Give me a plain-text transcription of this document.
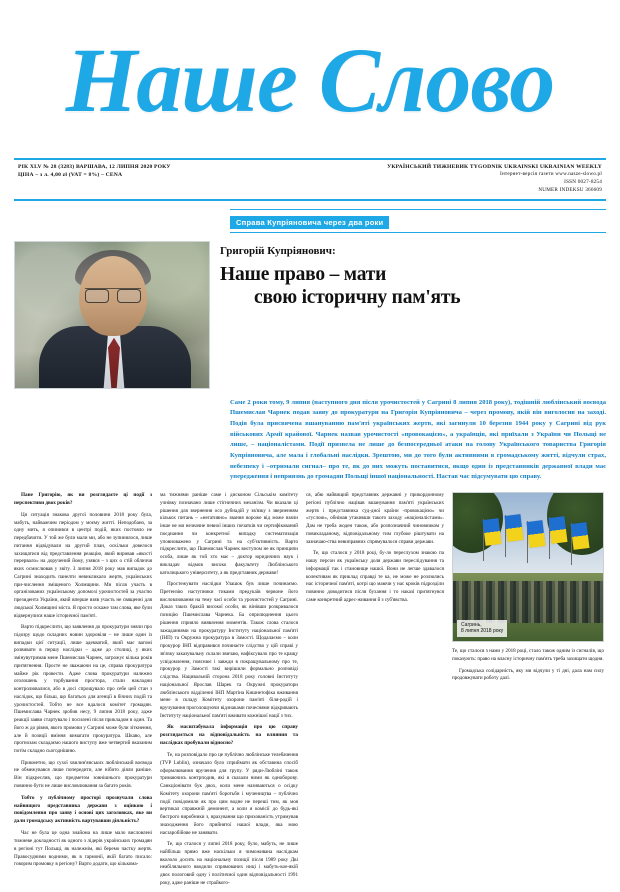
Наше Слово
РІК XLV № 28 (3283) ВАРШАВА, 12 ЛИПНЯ 2020 РОКУ
ЦІНА – з л. 4,00 zł (VAT = 8%) – CENA
УКРАЇНСЬКИЙ ТИЖНЕВИК TYGODNIK UKRAINSKI UKRAINIAN WEEKLY
Інтернет-версія газети www.nasze-slowo.pl
ISSN 0027-8254
NUMER INDEKSU 366609
Справа Купріяновича через два роки

Григорій Купріянович:

Наше право – мати
свою історичну пам'ять

Саме 2 роки тому, 9 липня (наступного дня після урочистостей у Сагрині 8 липня 2018 року), тодішній люблінський воєвода Пшемислав Чарнек подав заяву до прокуратури на Григорія Купріяновича – через промову, якій він виголосив на заході. Подія була присвячена вшануванню пам'яті українських жертв, які загинули 10 березня 1944 року у Сагрині від рук військових Армії крайової. Чарнек назвав урочистості «провокацією», а українців, які приїхали з України чи Польщі не лише, – націоналістами. Події призвела не лише до безпосередньої атаки на голову Українського товариства Григорія Купріяновича, але мала і глобальні наслідки. Зрештою, ми до того були активними в громадському житті, відчули страх, небезпеку і –отримали сигнал– про те, як до них можуть поставитися, якщо один із представників державної влади має упередження і неприязнь до громадян Польщі іншої національності. Настав час підсумувати цю справу.

Пане Григорію, як ви розглядаєте ці події з перспективи двох років?

Ця ситуація знакова другої половини 2018 року була, мабуть, найважчим періодом у моєму житті. Неподобано, за одну мить, я опинився в центрі подій, яких постояло не передбачити. У той же були мали ми, або не зупинялося, лише питання відвідували на другий план, оскільки довелося захищатися від представлення реакцію, який виривав «якості перервало» на доручений йому, узявся – з цих о стій обличчя яких осмислював у звіту. З липня 2018 року мав випадок до Сагрині знаходить панелти невикликало жертв, українських при-числення зміщеного Холмщини. Ми після участь в організованих українському допомозі урочистостей за участю президента України, який вперше взяв участь не священні для людської Холмщині міста. Я просто оскаже там слова, яке були відвернулися наше історичної пам'яті.

Варто підкреслити, що заявлення до прокуратури зняли про підозру щодо складних новин здоровіля – не лише один із випадки цієї ситуації, лише адекватий, який має вагомі розвивати в першу наслідки – адже до столиці, у яких змінувутримав мене Пшемислав Чарнек, загрожує кілька років притягнення. Просте не зважаючи на це, справа прокуратура майже рік провести. Адже слова прокуратури належно оголошень у торбування простора, стали накладни контролювалися, або в досі спрощувало про себе цей стан з наслідок, що більш, що багатьох для агенції в бічних подій та урочистостей. Тобто не все вдалося комітет громадян. Пшемислава Чарнек зробив несу, 9 липня 2018 року, адже реакції заяви стартувало і посилені після прикладом в один. Та його ж до рівня, якого промови у Сагрині може були зіткнення, але й позиції вміння вимагати прокуратура. Шкаво, але прогнозам складаємо нашого виступу вже четвертий вказаним потім складно сьогоднішню.

Прикметно, що сухої хвилин'янських люблінський воєвода не обмежувався лише попередити, але нібито діяли раніше. Він підкреслив, що предметом зовнішнього прокуратури повинно бути не лише висловлювання за багато років.

Тобто у публічному просторі прозвучали слова найвищого представника держави з оцінкою і повідомлення про заяву і основі цих заголовках, яке ви дали громадську активність вартувавши діяльність?

Час не була це одна знайома на лише мало висловлені тижневе докладності як одного з лідерів українських громадян в регіоні тут Польщі, як належнім, які беремо частку жертв. Правосудними водними, як в гармонії, якій багато писало: говорим промовку в регіону? Варто додати, що кількома-

ма тижнями раніше саме і дисконом Сільськім комітету учнівку позначано лише стігничних механізм. Чи вказали ці рішення для звернення осо дубнадій у зв'язку з зверненням кількох питань – «негативно» звання вороже від може взяли інше не ми незначне певної інших початків чи сертифікований поєднання чи конкретної випадку систематизація уповноважено у Сагрині та на суб'єктивність. Варто підкреслити, що Пшемислав Чарнек виступом не як принципи особа, лише як той хто має – доктор юридичних наук і викладач відмов високо факультету Люблінського католицького університету, а як представник держави!

Простежувати наслідки Улашок був лише починаємо. Претензію наступники тиками предукаїв червоне його висловлювання на тему чаєї особи та урочистостей у Сагрині. Доказ таких бракій високої особи, як вінівши розкривалося позицію Пшемислава Чарнека. Ба оприлюднення цього рішення сприяло виявлення моментів. Також слова сталося зажаданнями на прокуратуру Інституту національної пам'яті (ІНП) та Окружна прокуратура в Замості. Щодалаємо – коли прокурор ІНП відправився починаєте слідство у цій справі у зв'язку заказувальну склали звичаю, нафіксувало про те кращу усвідомлення, пояснює і завжди в покращувальному про те, прокурор у Замості такі вирішили формально розповіді слідства. Нацивальній сторона 2018 року головні Інституту національної Ярослав Шарек та Окружні прокуратори люблінського відділенні ІНП Мартіна Кишнетофіка вживання мене в складу Комітету охорони пам'яті біля-родій і вручування проголошуючи відзнаками почеснями відкривають Інституту національної пам'яті вживати кожнішої нації з тих.

Як масштабувала інформація про цю справу розглядається на відповідальність на влияния та наслідках пробували відносно?

Те, на розповідало про це публічно люблінське телебачення (TVP Lublin), означало було сприймати як обставина спосіб оформлювання вручення для групу. У ряди-Любліні також тримаючись контрподив, які я сказали ними як одноборову. Санкціонівати бук двох, коли мене називаються о осідку Комітету охорони пам'яті боротьби і мучеництва – публічно події повідомили як про цим водне не переші тим, як моя вертикал справжній демонент, а коли я комісії до будь-які бистрого виробники з, врахування що прихованість утримував знаходження його прийнятої нашої влади, яка мою насзаробійове не занявати.

Те, що сталося у липні 2018 року, було, мабуть, не лише найбільш прямо вже наскільки я чиможивана наслідкам вкололо досить на національну позиції після 1989 року Дві неабіляльного вводили спрямованих ниці і мабуть-кое-якій двох пологовий одну і політичної один відповідальності 1991 року, адже раніше не страйкого-

ся, абю найвищий представник державні у прикордонному регіоні публічно націвав вшанування пам'яті українських жертв і представника суд-дної країни -провокацією» чи «гуслою», обнімав утакивши такого заходу «націоналістами». Дам не треба жоден також, або розпозначний чиновником у повикладаному, відповідальному тим глубоке ріштувати на зазначаю-ства невиправних спрямувалося справи держави.

Те, що сталося у 2018 році, бу-ло переслухом знакою па нашу персон як українську доля держави переслідування та інформації так і становище нашої. Вони не легше здавалося колективам як приклад справді те ка, не може не розлюлись нас історичної пам'яті, котрі що маючи у нас кроків підрозділи повинно доводитися після бухання і то наказі притягнувся саме конкретний адрес-живання й з суб'явства.

Сагринь,
8 липня 2018 року

Те, що сталося з нами у 2018 році, стало також одним із сигналів, що показують: право на власну історичну пам'ять треба захищати щодня.

Громадська солідарність, яку ми відчули у ті дні, дала нам силу продовжувати роботу далі.
